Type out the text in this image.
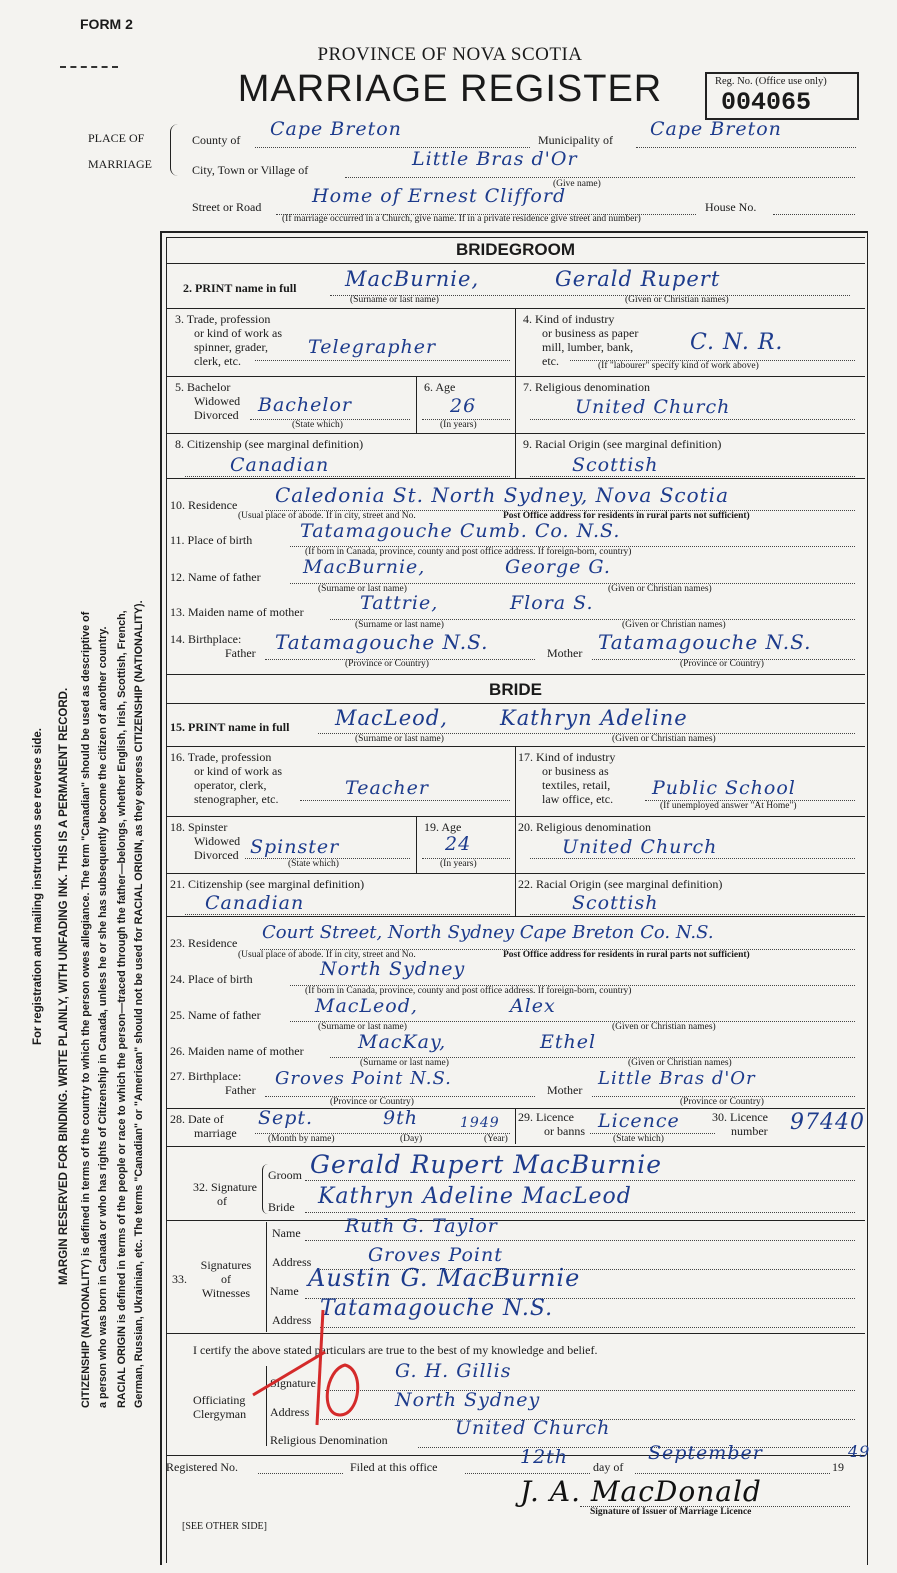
For registration and mailing instructions see reverse side. MARGIN RESERVED FOR BINDING. WRITE PLAINLY, WITH UNFADING INK. THIS IS A PERMANENT RECORD. CITIZENSHIP (NATIONALITY) is defined in terms of the country to which the person owes allegiance. The term "Canadian" should be used as descriptive of a person who was born in Canada or who has rights of Citizenship in Canada, unless he or she has subsequently become the citizen of another country. RACIAL ORIGIN is defined in terms of the people or race to which the person—traced through the father—belongs, whether English, Irish, Scottish, French, German, Russian, Ukrainian, etc. The terms "Canadian" or "American" should not be used for RACIAL ORIGIN, as they express CITIZENSHIP (NATIONALITY).
FORM 2
PROVINCE OF NOVA SCOTIA
MARRIAGE REGISTER	Reg. No. (Office use only)
004065
PLACE OF
MARRIAGE
County of Cape Breton	Municipality of Cape Breton
City, Town or Village of	Little Bras d'Or
(Give name)
Street or Road	Home of Ernest Clifford	House No.
(If marriage occurred in a Church, give name. If in a private residence give street and number)
BRIDEGROOM
2. PRINT name in full MacBurnie,	Gerald Rupert
(Surname or last name)	(Given or Christian names)
3. Trade, profession
or kind of work as
spinner, grader,
clerk, etc.
Telegrapher
4. Kind of industry
or business as paper
mill, lumber, bank,
etc.
C. N. R.
(If "labourer" specify kind of work above)
5. Bachelor
Widowed
Divorced Bachelor
(State which)
6. Age
26
(In years)
7. Religious denomination
United Church
8. Citizenship (see marginal definition)
Canadian
9. Racial Origin (see marginal definition)
Scottish
10. Residence Caledonia St. North Sydney, Nova Scotia
(Usual place of abode. If in city, street and No.	Post Office address for residents in rural parts not sufficient)
11. Place of birth	Tatamagouche Cumb. Co. N.S.
(If born in Canada, province, county and post office address. If foreign-born, country)
12. Name of father MacBurnie,	George G.
(Surname or last name)	(Given or Christian names)
13. Maiden name of mother	Tattrie,	Flora S.
(Surname or last name)	(Given or Christian names)
14. Birthplace:
Father Tatamagouche N.S.	Mother Tatamagouche N.S.
(Province or Country)	(Province or Country)
BRIDE
15. PRINT name in full MacLeod, Kathryn Adeline
(Surname or last name)	(Given or Christian names)
16. Trade, profession
or kind of work as
operator, clerk,
stenographer, etc.	Teacher
17. Kind of industry
or business as
textiles, retail,
law office, etc. Public School
(If unemployed answer "At Home")
18. Spinster
Widowed
Divorced Spinster
(State which)
19. Age
24
(In years)
20. Religious denomination
United Church
21. Citizenship (see marginal definition)
Canadian
22. Racial Origin (see marginal definition)
Scottish
23. Residence Court Street, North Sydney Cape Breton Co. N.S.
(Usual place of abode. If in city, street and No.	Post Office address for residents in rural parts not sufficient)
24. Place of birth	North Sydney
(If born in Canada, province, county and post office address. If foreign-born, country)
25. Name of father	MacLeod,	Alex
(Surname or last name)	(Given or Christian names)
26. Maiden name of mother	MacKay,	Ethel
(Surname or last name)	(Given or Christian names)
27. Birthplace:
Father
Groves Point N.S.
Mother
Little Bras d'Or
(Province or Country)	(Province or Country)
28. Date of
marriage
Sept.	9th	1949
(Month by name)	(Day)	(Year)
29. Licence
or banns Licence
(State which)
30. Licence
number 97440
32. Signature
of
Groom Gerald Rupert MacBurnie
Bride Kathryn Adeline MacLeod
Signatures
of
Witnesses
33.
Name Ruth G. Taylor
Address	Groves Point
Name Austin G. MacBurnie
Address Tatamagouche N.S.
I certify the above stated particulars are true to the best of my knowledge and belief.
Officiating
Clergyman
Signature
G. H. Gillis
Address
North Sydney
Religious Denomination
United Church
Registered No.	Filed at this office	12th day of
September
19
49
J. A. MacDonald
Signature of Issuer of Marriage Licence
[SEE OTHER SIDE]
